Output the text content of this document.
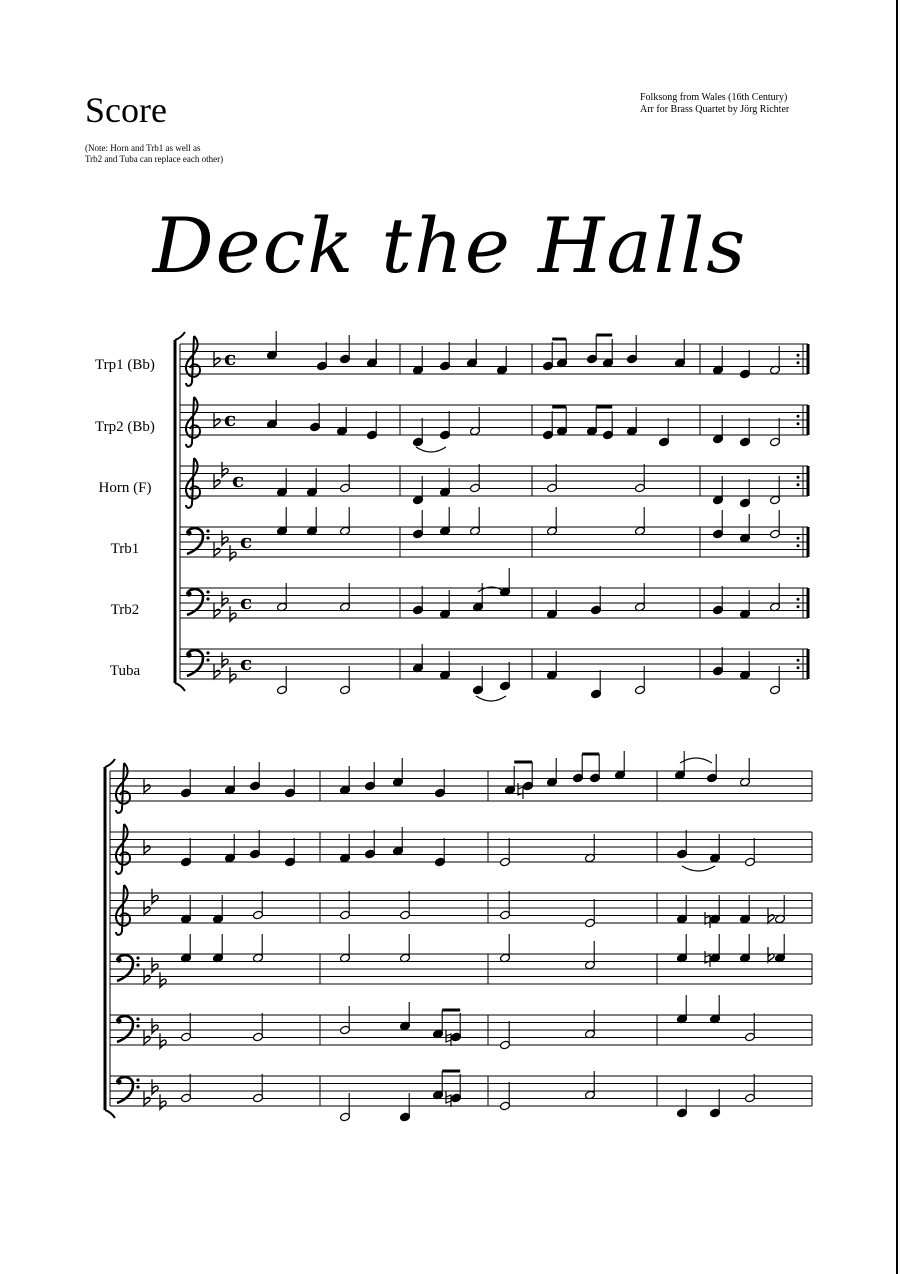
Score
(Note: Horn and Trb1 as well as
Trb2 and Tuba can replace each other)
Folksong from Wales (16th Century)
Arr for Brass Quartet by Jörg Richter
Deck the Halls
Trp1 (Bb)
Trp2 (Bb)
Horn (F)
Trb1
Trb2
Tuba
c
c
c
c
c
c
